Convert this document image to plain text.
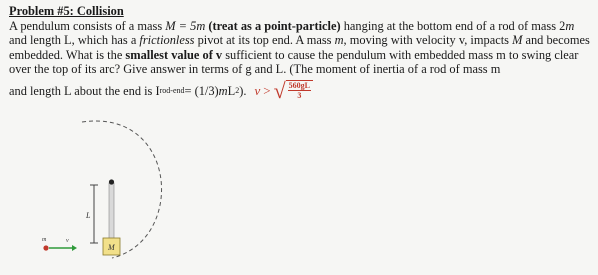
Problem #5: Collision
A pendulum consists of a mass M = 5m (treat as a point-particle) hanging at the bottom end of a rod of mass 2m and length L, which has a frictionless pivot at its top end. A mass m, moving with velocity v, impacts M and becomes embedded. What is the smallest value of v sufficient to cause the pendulum with embedded mass m to swing clear over the top of its arc? Give answer in terms of g and L. (The moment of inertia of a rod of mass m
and length L about the end is I rod-end = (1/3) m L 2 ). v > √ $\frac{560gL}{3}$
L
M
m	v
